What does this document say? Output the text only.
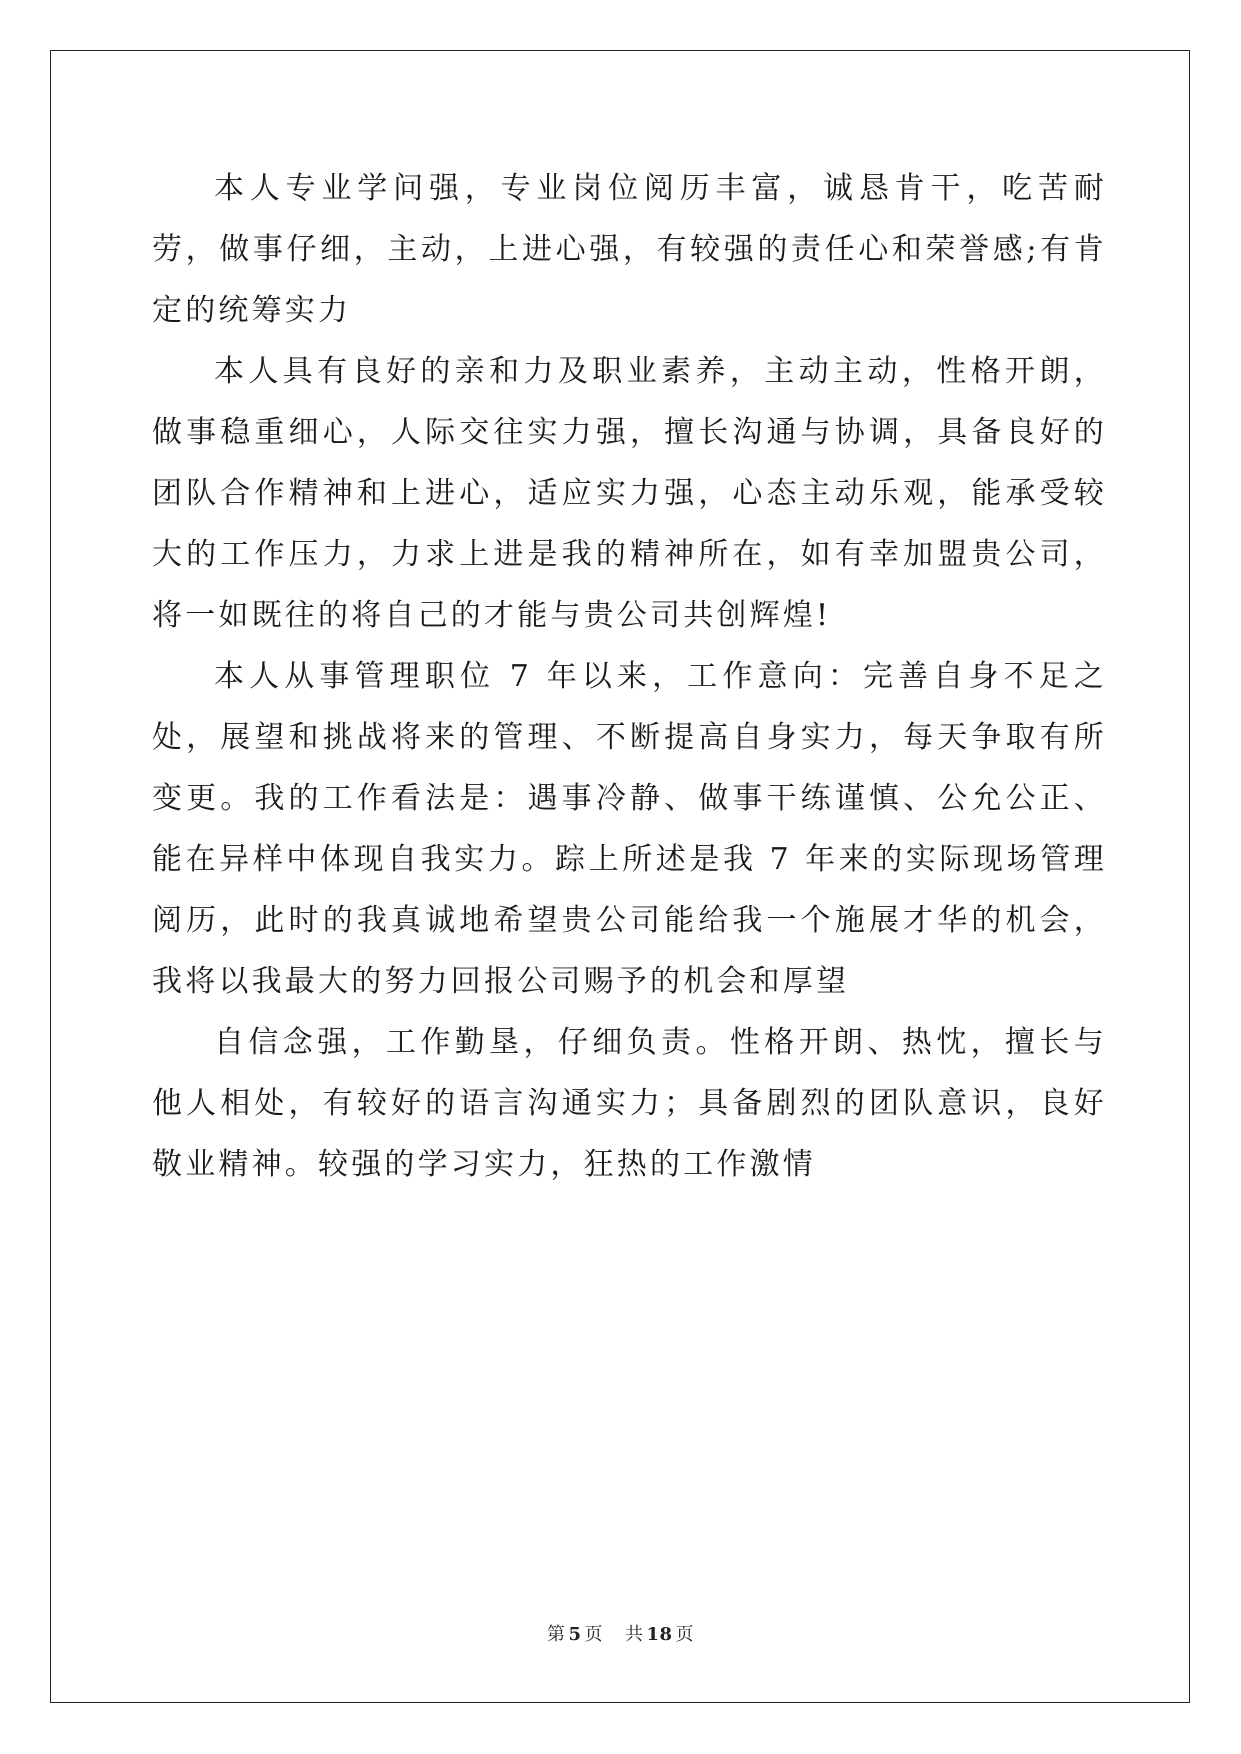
本人专业学问强，专业岗位阅历丰富，诚恳肯干，吃苦耐劳，做事仔细，主动，上进心强，有较强的责任心和荣誉感;有肯定的统筹实力

本人具有良好的亲和力及职业素养，主动主动，性格开朗，做事稳重细心，人际交往实力强，擅长沟通与协调，具备良好的团队合作精神和上进心，适应实力强，心态主动乐观，能承受较大的工作压力，力求上进是我的精神所在，如有幸加盟贵公司，将一如既往的将自己的才能与贵公司共创辉煌!

本人从事管理职位 7 年以来，工作意向：完善自身不足之处，展望和挑战将来的管理、不断提高自身实力，每天争取有所变更。我的工作看法是：遇事冷静、做事干练谨慎、公允公正、能在异样中体现自我实力。踪上所述是我 7 年来的实际现场管理阅历，此时的我真诚地希望贵公司能给我一个施展才华的机会，我将以我最大的努力回报公司赐予的机会和厚望

自信念强，工作勤垦，仔细负责。性格开朗、热忱，擅长与他人相处，有较好的语言沟通实力；具备剧烈的团队意识，良好敬业精神。较强的学习实力，狂热的工作激情

第 5 页 共 18 页
